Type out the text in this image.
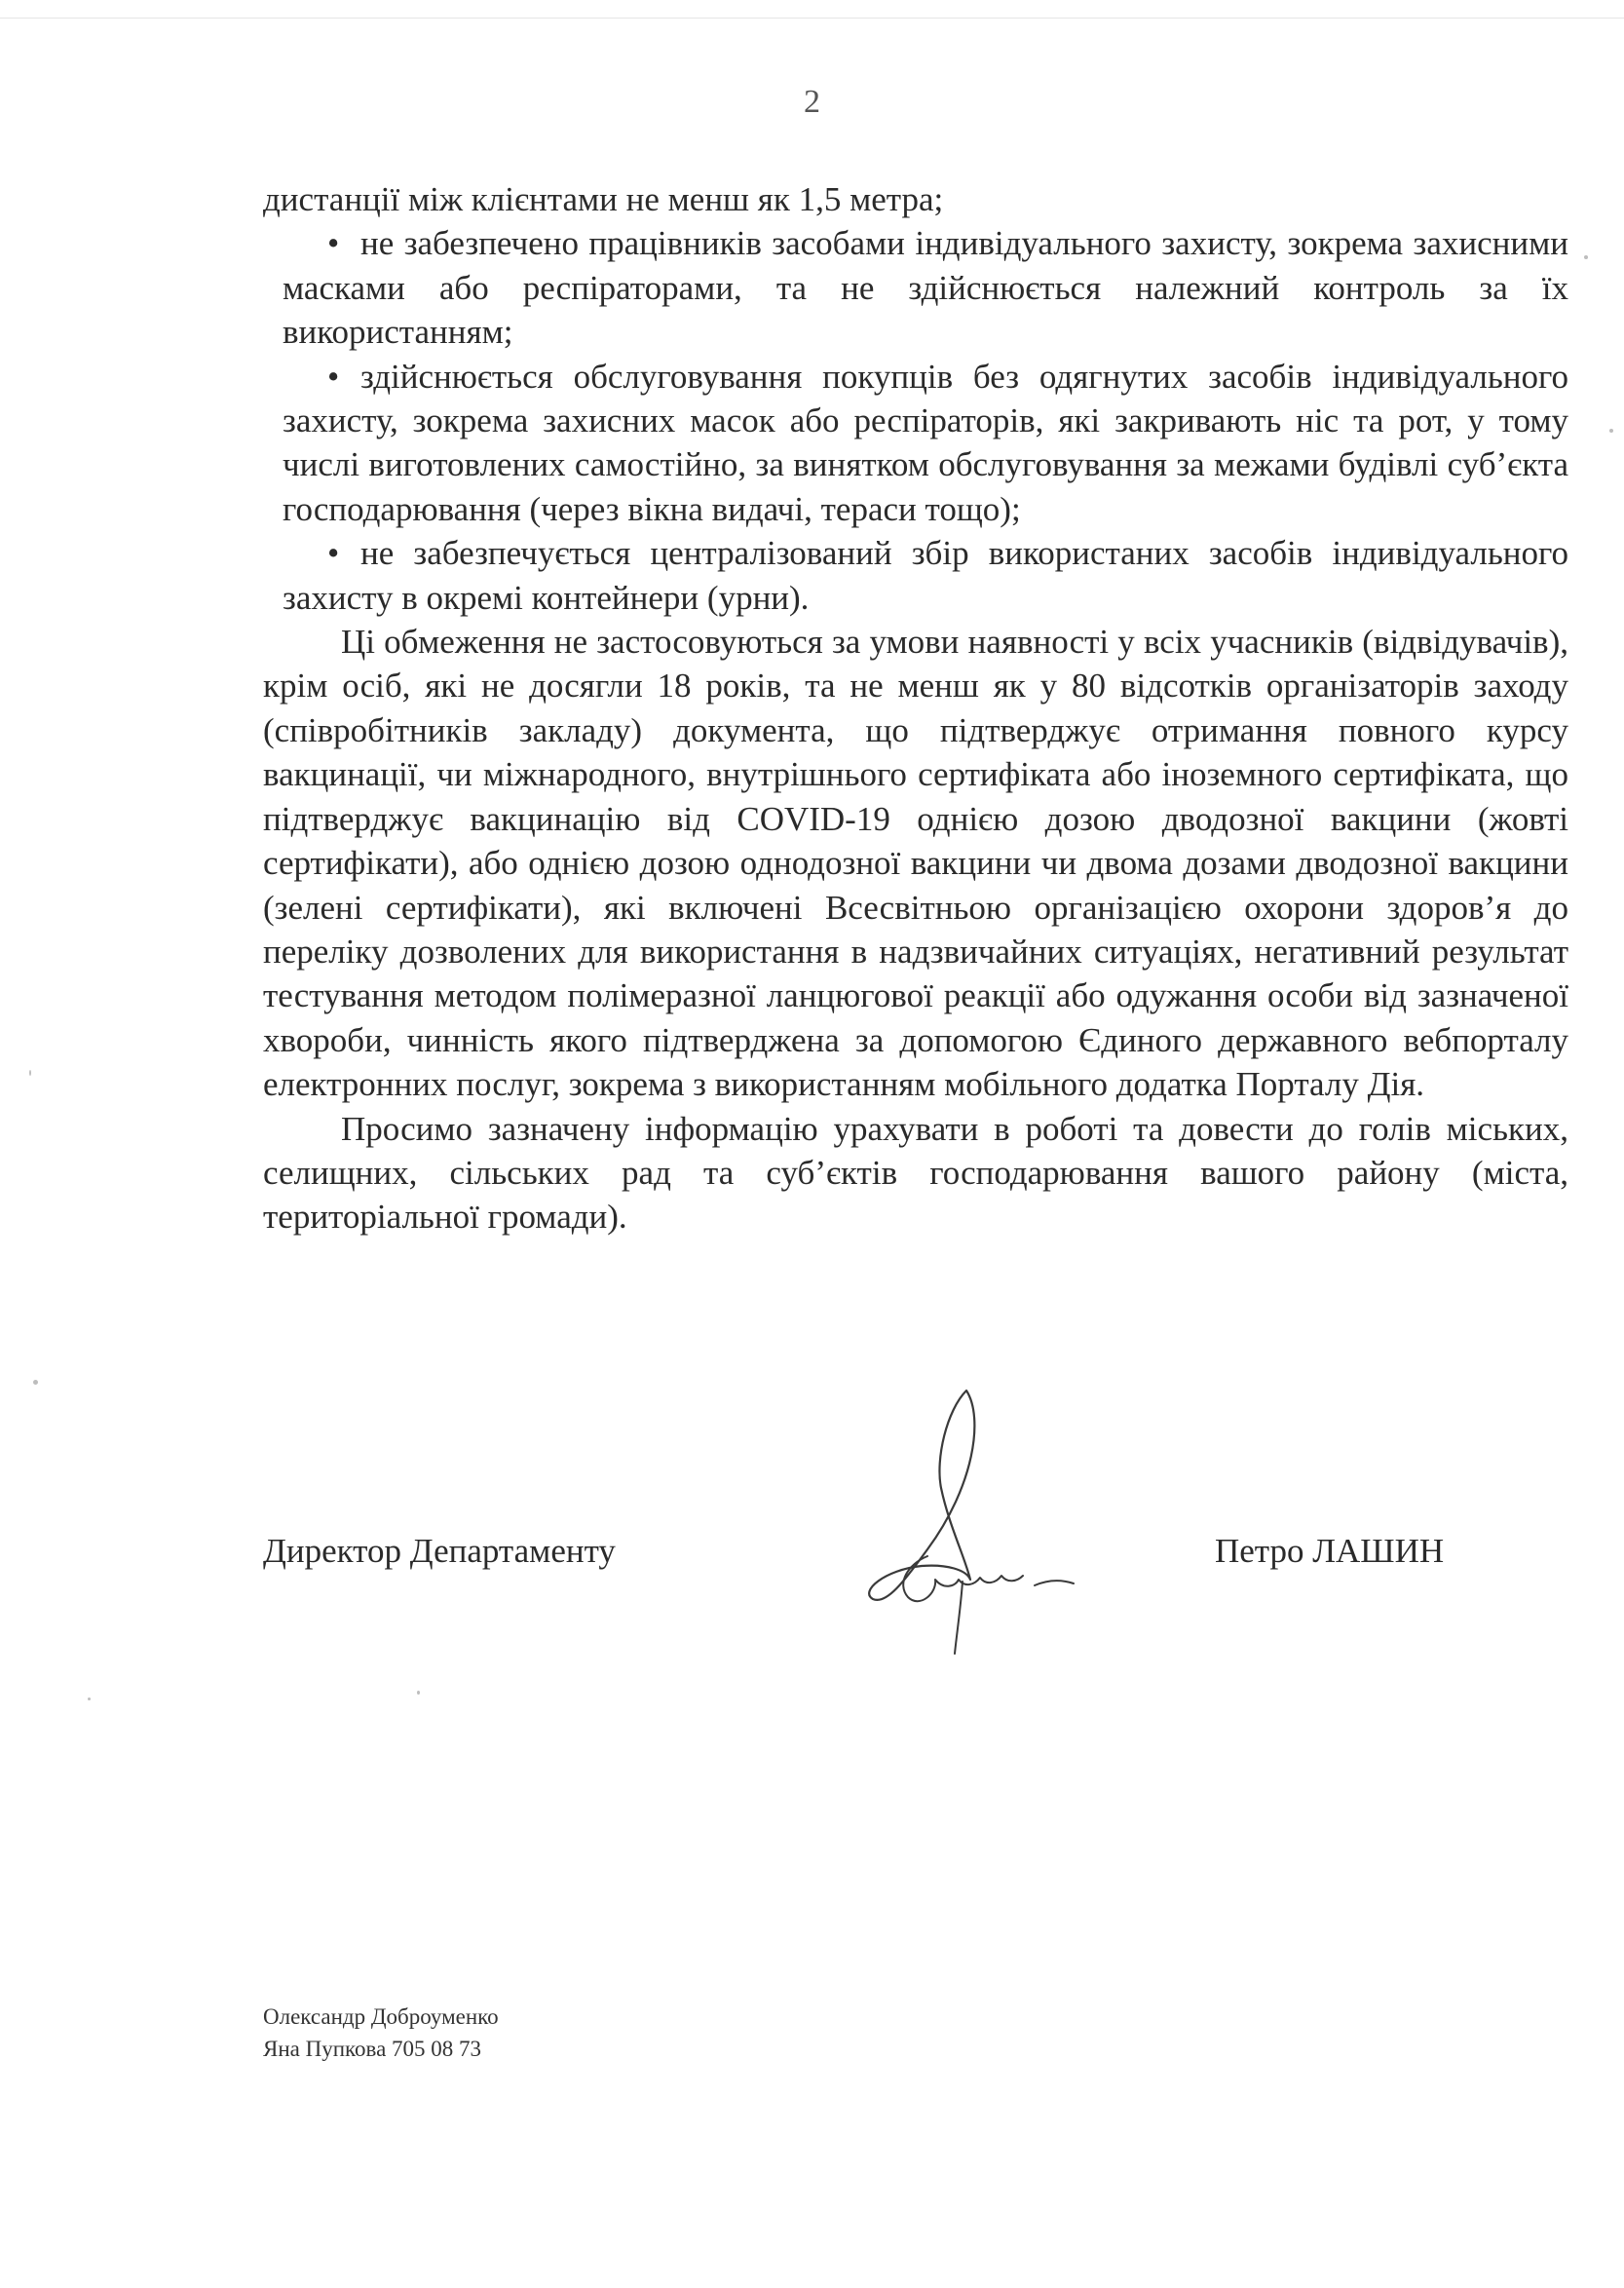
2

дистанції між клієнтами не менш як 1,5 метра;

• не забезпечено працівників засобами індивідуального захисту, зокрема захисними масками або респіраторами, та не здійснюється належний контроль за їх використанням;
• здійснюється обслуговування покупців без одягнутих засобів індивідуального захисту, зокрема захисних масок або респіраторів, які закривають ніс та рот, у тому числі виготовлених самостійно, за винятком обслуговування за межами будівлі суб’єкта господарювання (через вікна видачі, тераси тощо);
• не забезпечується централізований збір використаних засобів індивідуального захисту в окремі контейнери (урни).

Ці обмеження не застосовуються за умови наявності у всіх учасників (відвідувачів), крім осіб, які не досягли 18 років, та не менш як у 80 відсотків організаторів заходу (співробітників закладу) документа, що підтверджує отримання повного курсу вакцинації, чи міжнародного, внутрішнього сертифіката або іноземного сертифіката, що підтверджує вакцинацію від COVID-19 однією дозою дводозної вакцини (жовті сертифікати), або однією дозою однодозної вакцини чи двома дозами дводозної вакцини (зелені сертифікати), які включені Всесвітньою організацією охорони здоров’я до переліку дозволених для використання в надзвичайних ситуаціях, негативний результат тестування методом полімеразної ланцюгової реакції або одужання особи від зазначеної хвороби, чинність якого підтверджена за допомогою Єдиного державного вебпорталу електронних послуг, зокрема з використанням мобільного додатка Порталу Дія.

Просимо зазначену інформацію урахувати в роботі та довести до голів міських, селищних, сільських рад та суб’єктів господарювання вашого району (міста, територіальної громади).

Директор Департаменту	Петро ЛАШИН
Олександр Доброуменко
Яна Пупкова 705 08 73
